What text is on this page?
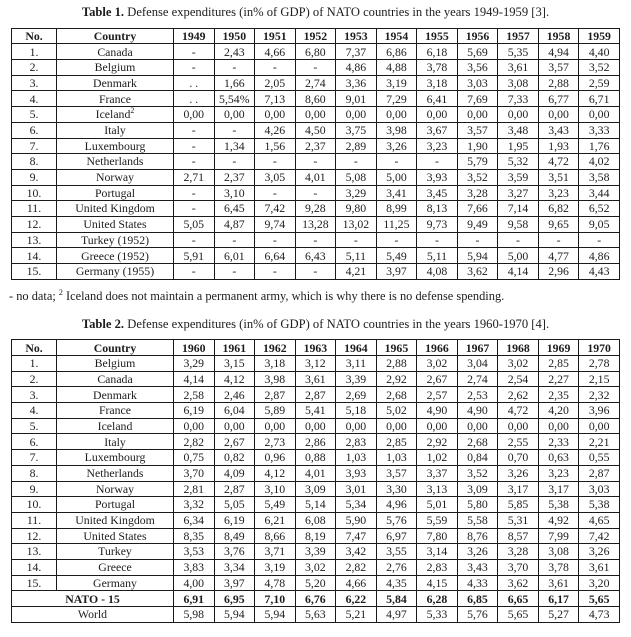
Table 1. Defense expenditures (in% of GDP) of NATO countries in the years 1949-1959 [3].
No.	Country	1949	1950	1951	1952	1953	1954	1955	1956	1957	1958	1959
1.	Canada	-	2,43	4,66	6,80	7,37	6,86	6,18	5,69	5,35	4,94	4,40
2.	Belgium	-	-	-	-	4,86	4,88	3,78	3,56	3,61	3,57	3,52
3.	Denmark	. .	1,66	2,05	2,74	3,36	3,19	3,18	3,03	3,08	2,88	2,59
4.	France	. .	5,54%	7,13	8,60	9,01	7,29	6,41	7,69	7,33	6,77	6,71
5.	Iceland$^2$	0,00	0,00	0,00	0,00	0,00	0,00	0,00	0,00	0,00	0,00	0,00
6.	Italy	-	-	4,26	4,50	3,75	3,98	3,67	3,57	3,48	3,43	3,33
7.	Luxembourg	-	1,34	1,56	2,37	2,89	3,26	3,23	1,90	1,95	1,93	1,76
8.	Netherlands	-	-	-	-	-	-	-	5,79	5,32	4,72	4,02
9.	Norway	2,71	2,37	3,05	4,01	5,08	5,00	3,93	3,52	3,59	3,51	3,58
10.	Portugal	-	3,10	-	-	3,29	3,41	3,45	3,28	3,27	3,23	3,44
11.	United Kingdom	-	6,45	7,42	9,28	9,80	8,99	8,13	7,66	7,14	6,82	6,52
12.	United States	5,05	4,87	9,74	13,28	13,02	11,25	9,73	9,49	9,58	9,65	9,05
13.	Turkey (1952)	-	-	-	-	-	-	-	-	-	-	-
14.	Greece (1952)	5,91	6,01	6,64	6,43	5,11	5,49	5,11	5,94	5,00	4,77	4,86
15.	Germany (1955)	-	-	-	-	4,21	3,97	4,08	3,62	4,14	2,96	4,43
- no data; $^2$ Iceland does not maintain a permanent army, which is why there is no defense spending.
Table 2. Defense expenditures (in% of GDP) of NATO countries in the years 1960-1970 [4].
No.	Country	1960	1961	1962	1963	1964	1965	1966	1967	1968	1969	1970
1.	Belgium	3,29	3,15	3,18	3,12	3,11	2,88	3,02	3,04	3,02	2,85	2,78
2.	Canada	4,14	4,12	3,98	3,61	3,39	2,92	2,67	2,74	2,54	2,27	2,15
3.	Denmark	2,58	2,46	2,87	2,87	2,69	2,68	2,57	2,53	2,62	2,35	2,32
4.	France	6,19	6,04	5,89	5,41	5,18	5,02	4,90	4,90	4,72	4,20	3,96
5.	Iceland	0,00	0,00	0,00	0,00	0,00	0,00	0,00	0,00	0,00	0,00	0,00
6.	Italy	2,82	2,67	2,73	2,86	2,83	2,85	2,92	2,68	2,55	2,33	2,21
7.	Luxembourg	0,75	0,82	0,96	0,88	1,03	1,03	1,02	0,84	0,70	0,63	0,55
8.	Netherlands	3,70	4,09	4,12	4,01	3,93	3,57	3,37	3,52	3,26	3,23	2,87
9.	Norway	2,81	2,87	3,10	3,09	3,01	3,30	3,13	3,09	3,17	3,17	3,03
10.	Portugal	3,32	5,05	5,49	5,14	5,34	4,96	5,01	5,80	5,85	5,38	5,38
11.	United Kingdom	6,34	6,19	6,21	6,08	5,90	5,76	5,59	5,58	5,31	4,92	4,65
12.	United States	8,35	8,49	8,66	8,19	7,47	6,97	7,80	8,76	8,57	7,99	7,42
13.	Turkey	3,53	3,76	3,71	3,39	3,42	3,55	3,14	3,26	3,28	3,08	3,26
14.	Greece	3,83	3,34	3,19	3,02	2,82	2,76	2,83	3,43	3,70	3,78	3,61
15.	Germany	4,00	3,97	4,78	5,20	4,66	4,35	4,15	4,33	3,62	3,61	3,20
NATO - 15		6,91	6,95	7,10	6,76	6,22	5,84	6,28	6,85	6,65	6,17	5,65
World		5,98	5,94	5,94	5,63	5,21	4,97	5,33	5,76	5,65	5,27	4,73
